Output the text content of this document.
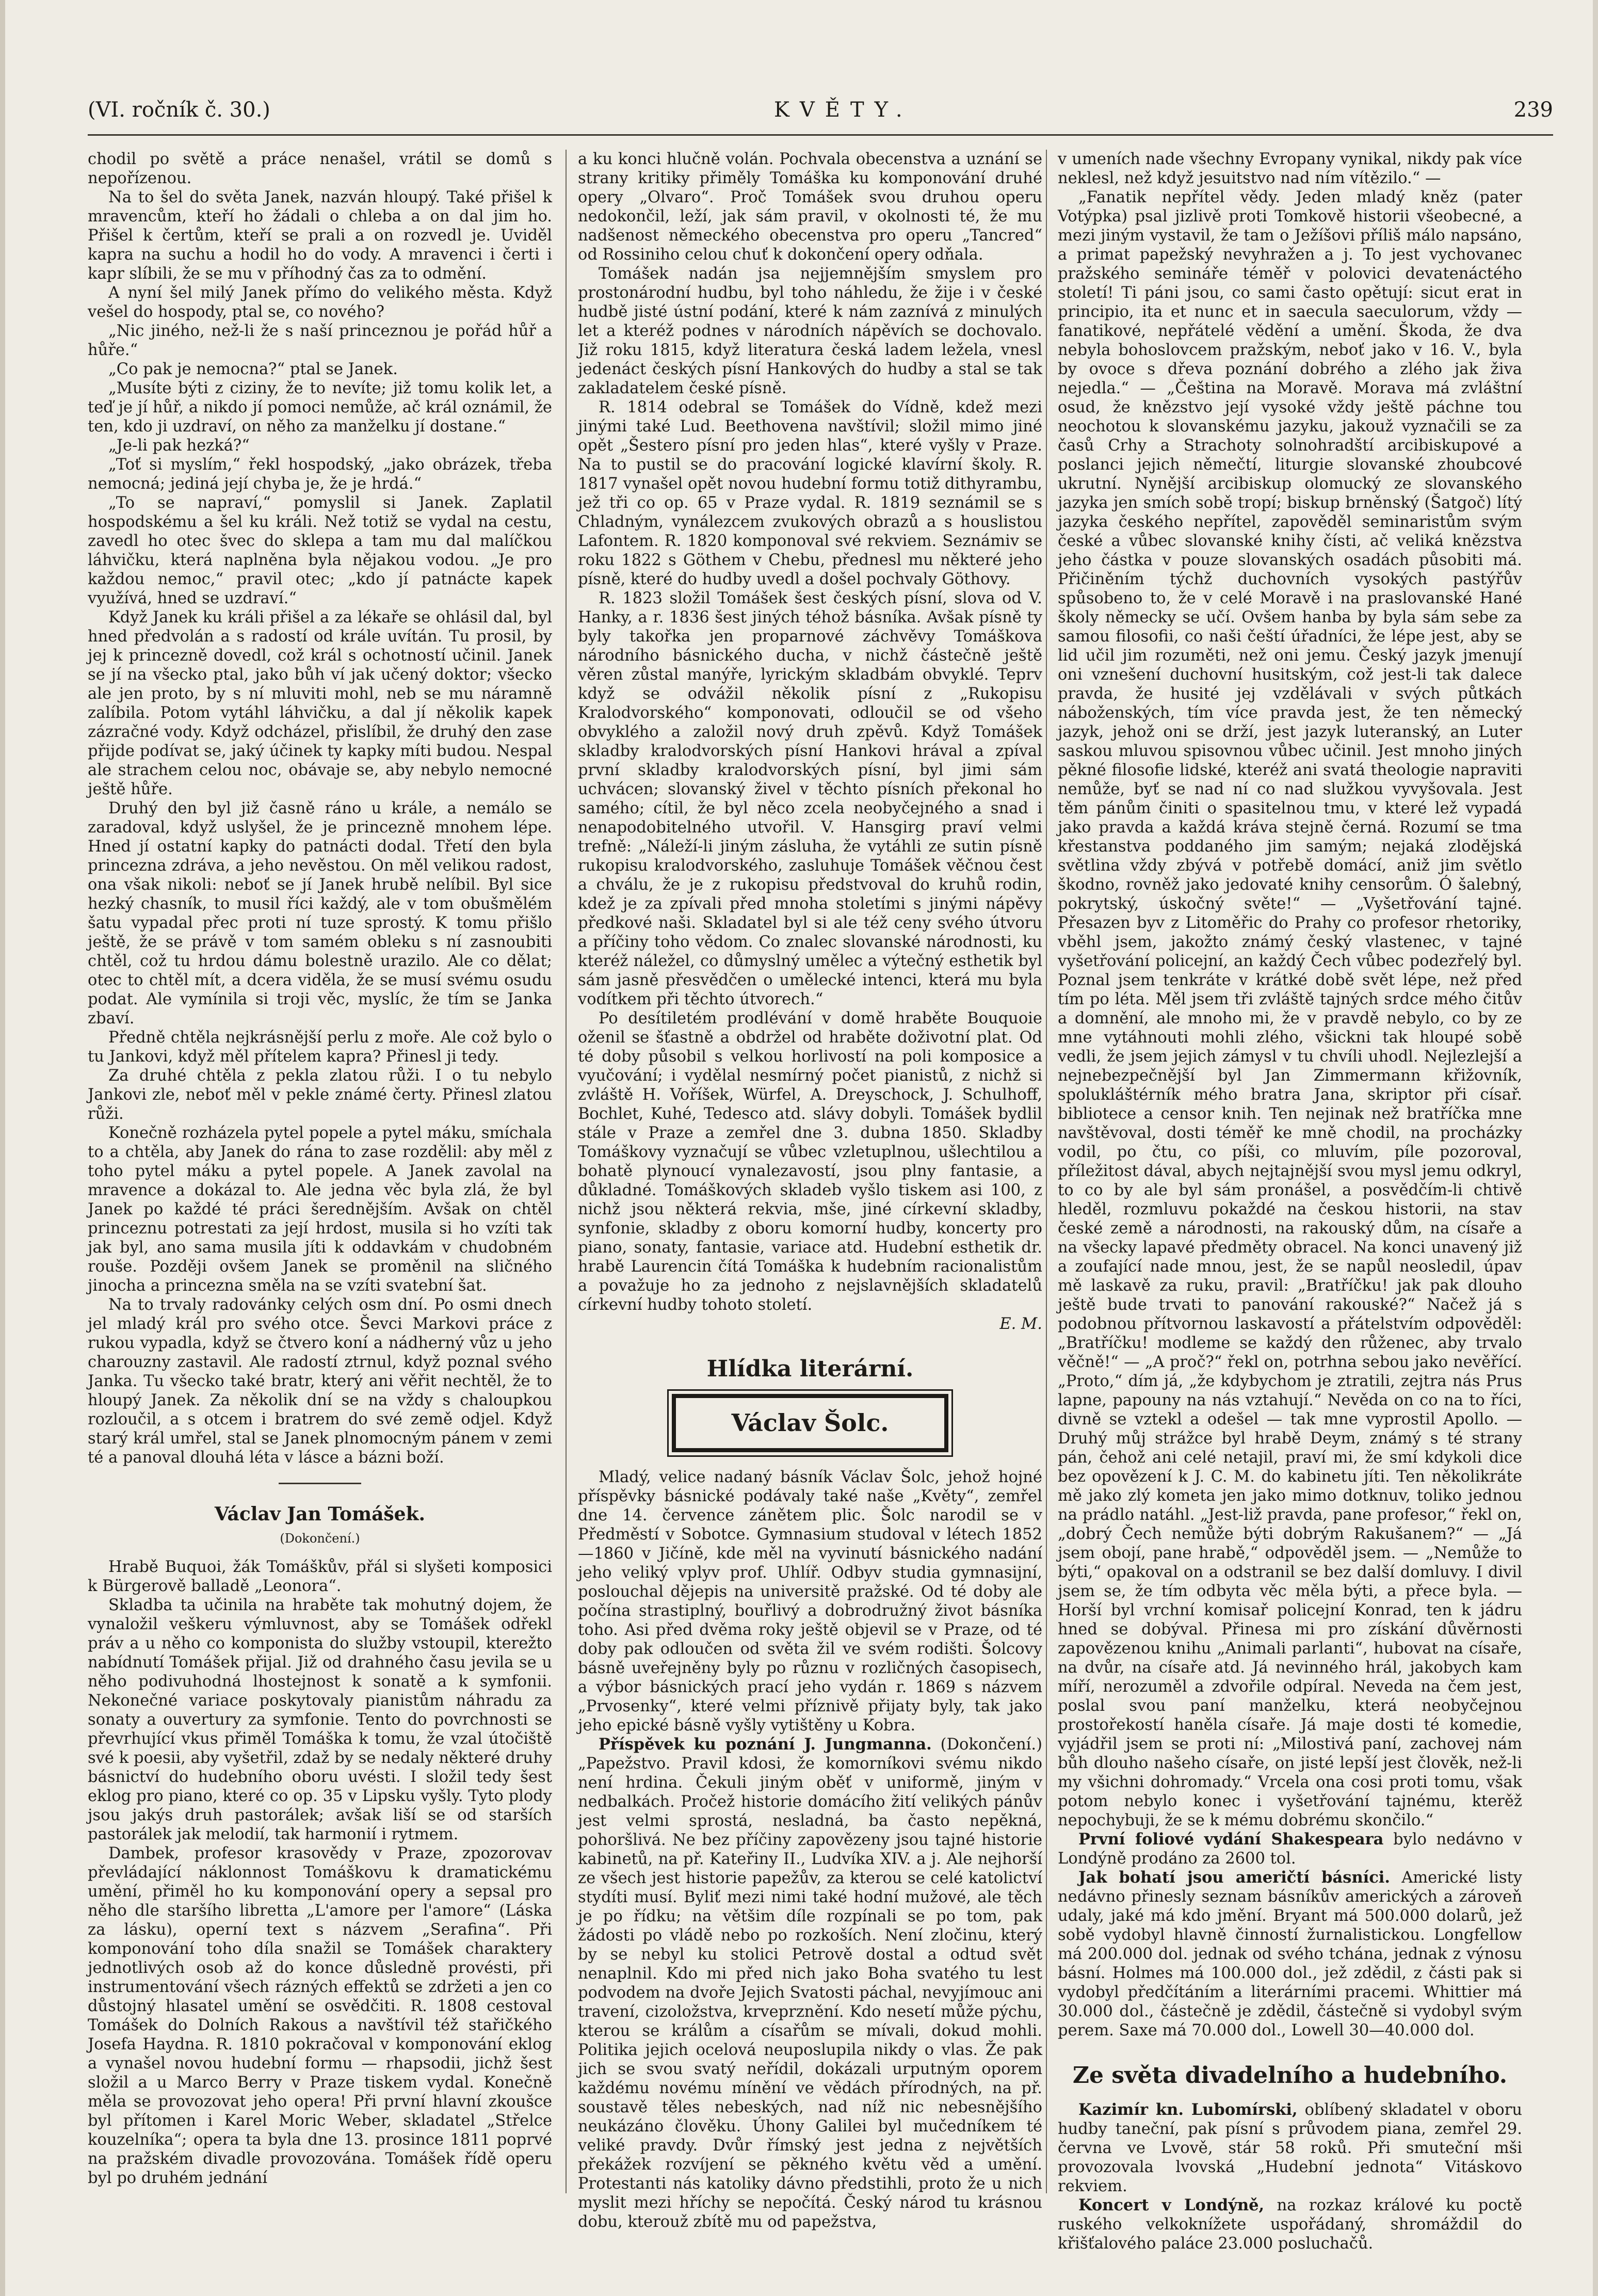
(VI. ročník č. 30.)	KVĚTY.	239

chodil po světě a práce nenašel, vrátil se domů s nepořízenou.

Na to šel do světa Janek, nazván hloupý. Také přišel k mravencům, kteří ho žádali o chleba a on dal jim ho. Přišel k čertům, kteří se prali a on rozvedl je. Uviděl kapra na suchu a hodil ho do vody. A mravenci i čerti i kapr slíbili, že se mu v příhodný čas za to odmění.

A nyní šel milý Janek přímo do velikého města. Když vešel do hospody, ptal se, co nového?

„Nic jiného, než-li že s naší princeznou je pořád hůř a hůře.“

„Co pak je nemocna?“ ptal se Janek.

„Musíte býti z ciziny, že to nevíte; již tomu kolik let, a teď je jí hůř, a nikdo jí pomoci nemůže, ač král oznámil, že ten, kdo ji uzdraví, on něho za manželku jí dostane.“

„Je-li pak hezká?“

„Toť si myslím,“ řekl hospodský, „jako obrázek, třeba nemocná; jediná její chyba je, že je hrdá.“

„To se napraví,“ pomyslil si Janek. Zaplatil hospodskému a šel ku králi. Než totiž se vydal na cestu, zavedl ho otec švec do sklepa a tam mu dal malíčkou láhvičku, která naplněna byla nějakou vodou. „Je pro každou nemoc,“ pravil otec; „kdo jí patnácte kapek využívá, hned se uzdraví.“

Když Janek ku králi přišel a za lékaře se ohlásil dal, byl hned předvolán a s radostí od krále uvítán. Tu prosil, by jej k princezně dovedl, což král s ochotností učinil. Janek se jí na všecko ptal, jako bůh ví jak učený doktor; všecko ale jen proto, by s ní mluviti mohl, neb se mu náramně zalíbila. Potom vytáhl láhvičku, a dal jí několik kapek zázračné vody. Když odcházel, přislíbil, že druhý den zase přijde podívat se, jaký účinek ty kapky míti budou. Nespal ale strachem celou noc, obávaje se, aby nebylo nemocné ještě hůře.

Druhý den byl již časně ráno u krále, a nemálo se zaradoval, když uslyšel, že je princezně mnohem lépe. Hned jí ostatní kapky do patnácti dodal. Třetí den byla princezna zdráva, a jeho nevěstou. On měl velikou radost, ona však nikoli: neboť se jí Janek hrubě nelíbil. Byl sice hezký chasník, to musil říci každý, ale v tom obušmělém šatu vypadal přec proti ní tuze sprostý. K tomu přišlo ještě, že se právě v tom samém obleku s ní zasnoubiti chtěl, což tu hrdou dámu bolestně urazilo. Ale co dělat; otec to chtěl mít, a dcera viděla, že se musí svému osudu podat. Ale vymínila si troji věc, myslíc, že tím se Janka zbaví.

Předně chtěla nejkrásnější perlu z moře. Ale což bylo o tu Jankovi, když měl přítelem kapra? Přinesl ji tedy.

Za druhé chtěla z pekla zlatou růži. I o tu nebylo Jankovi zle, neboť měl v pekle známé čerty. Přinesl zlatou růži.

Konečně rozházela pytel popele a pytel máku, smíchala to a chtěla, aby Janek do rána to zase rozdělil: aby měl z toho pytel máku a pytel popele. A Janek zavolal na mravence a dokázal to. Ale jedna věc byla zlá, že byl Janek po každé té práci šerednějším. Avšak on chtěl princeznu potrestati za její hrdost, musila si ho vzíti tak jak byl, ano sama musila jíti k oddavkám v chudobném rouše. Později ovšem Janek se proměnil na sličného jinocha a princezna směla na se vzíti svatební šat.

Na to trvaly radovánky celých osm dní. Po osmi dnech jel mladý král pro svého otce. Ševci Markovi práce z rukou vypadla, když se čtvero koní a nádherný vůz u jeho charouzny zastavil. Ale radostí ztrnul, když poznal svého Janka. Tu všecko také bratr, který ani věřit nechtěl, že to hloupý Janek. Za několik dní se na vždy s chaloupkou rozloučil, a s otcem i bratrem do své země odjel. Když starý král umřel, stal se Janek plnomocným pánem v zemi té a panoval dlouhá léta v lásce a bázni boží.

Václav Jan Tomášek.
(Dokončení.)

Hrabě Buquoi, žák Tomáškův, přál si slyšeti komposici k Bürgerově balladě „Leonora“.

Skladba ta učinila na hraběte tak mohutný dojem, že vynaložil veškeru výmluvnost, aby se Tomášek odřekl práv a u něho co komponista do služby vstoupil, kterežto nabídnutí Tomášek přijal. Již od drahného času jevila se u něho podivuhodná lhostejnost k sonatě a k symfonii. Nekonečné variace poskytovaly pianistům náhradu za sonaty a ouvertury za symfonie. Tento do povrchnosti se převrhující vkus přiměl Tomáška k tomu, že vzal útočiště své k poesii, aby vyšetřil, zdaž by se nedaly některé druhy básnictví do hudebního oboru uvésti. I složil tedy šest eklog pro piano, které co op. 35 v Lipsku vyšly. Tyto plody jsou jakýs druh pastorálek; avšak liší se od starších pastorálek jak melodií, tak harmonií i rytmem.

Dambek, profesor krasovědy v Praze, zpozorovav převládající náklonnost Tomáškovu k dramatickému umění, přiměl ho ku komponování opery a sepsal pro něho dle staršího libretta „L'amore per l'amore“ (Láska za lásku), operní text s názvem „Serafina“. Při komponování toho díla snažil se Tomášek charaktery jednotlivých osob až do konce důsledně provésti, při instrumentování všech rázných effektů se zdržeti a jen co důstojný hlasatel umění se osvědčiti. R. 1808 cestoval Tomášek do Dolních Rakous a navštívil též stařičkého Josefa Haydna. R. 1810 pokračoval v komponování eklog a vynašel novou hudební formu — rhapsodii, jichž šest složil a u Marco Berry v Praze tiskem vydal. Konečně měla se provozovat jeho opera! Při první hlavní zkoušce byl přítomen i Karel Moric Weber, skladatel „Střelce kouzelníka“; opera ta byla dne 13. prosince 1811 poprvé na pražském divadle provozována. Tomášek řídě operu byl po druhém jednání

a ku konci hlučně volán. Pochvala obecenstva a uznání se strany kritiky přiměly Tomáška ku komponování druhé opery „Olvaro“. Proč Tomášek svou druhou operu nedokončil, leží, jak sám pravil, v okolnosti té, že mu nadšenost německého obecenstva pro operu „Tancred“ od Rossiniho celou chuť k dokončení opery odňala.

Tomášek nadán jsa nejjemnějším smyslem pro prostonárodní hudbu, byl toho náhledu, že žije i v české hudbě jisté ústní podání, které k nám zaznívá z minulých let a kteréž podnes v národních nápěvích se dochovalo. Již roku 1815, když literatura česká ladem ležela, vnesl jedenáct českých písní Hankových do hudby a stal se tak zakladatelem české písně.

R. 1814 odebral se Tomášek do Vídně, kdež mezi jinými také Lud. Beethovena navštívil; složil mimo jiné opět „Šestero písní pro jeden hlas“, které vyšly v Praze. Na to pustil se do pracování logické klavírní školy. R. 1817 vynašel opět novou hudební formu totiž dithyrambu, jež tři co op. 65 v Praze vydal. R. 1819 seznámil se s Chladným, vynálezcem zvukových obrazů a s houslistou Lafontem. R. 1820 komponoval své rekviem. Seznámiv se roku 1822 s Göthem v Chebu, přednesl mu některé jeho písně, které do hudby uvedl a došel pochvaly Göthovy.

R. 1823 složil Tomášek šest českých písní, slova od V. Hanky, a r. 1836 šest jiných téhož básníka. Avšak písně ty byly takořka jen proparnové záchvěvy Tomáškova národního básnického ducha, v nichž částečně ještě věren zůstal manýře, lyrickým skladbám obvyklé. Teprv když se odvážil několik písní z „Rukopisu Kralodvorského“ komponovati, odloučil se od všeho obvyklého a založil nový druh zpěvů. Když Tomášek skladby kralodvorských písní Hankovi hrával a zpíval první skladby kralodvorských písní, byl jimi sám uchvácen; slovanský živel v těchto písních překonal ho samého; cítil, že byl něco zcela neobyčejného a snad i nenapodobitelného utvořil. V. Hansgirg praví velmi trefně: „Náleží-li jiným zásluha, že vytáhli ze sutin písně rukopisu kralodvorského, zasluhuje Tomášek věčnou čest a chválu, že je z rukopisu předstvoval do kruhů rodin, kdež je za zpívali před mnoha stoletími s jinými nápěvy předkové naši. Skladatel byl si ale též ceny svého útvoru a příčiny toho vědom. Co znalec slovanské národnosti, ku kteréž náležel, co důmyslný umělec a výtečný esthetik byl sám jasně přesvědčen o umělecké intenci, která mu byla vodítkem při těchto útvorech.“

Po desítiletém prodlévání v domě hraběte Bouquoie oženil se šťastně a obdržel od hraběte doživotní plat. Od té doby působil s velkou horlivostí na poli komposice a vyučování; i vydělal nesmírný počet pianistů, z nichž si zvláště H. Voříšek, Würfel, A. Dreyschock, J. Schulhoff, Bochlet, Kuhé, Tedesco atd. slávy dobyli. Tomášek bydlil stále v Praze a zemřel dne 3. dubna 1850. Skladby Tomáškovy vyznačují se vůbec vzletuplnou, ušlechtilou a bohatě plynoucí vynalezavostí, jsou plny fantasie, a důkladné. Tomáškových skladeb vyšlo tiskem asi 100, z nichž jsou některá rekvia, mše, jiné církevní skladby, synfonie, skladby z oboru komorní hudby, koncerty pro piano, sonaty, fantasie, variace atd. Hudební esthetik dr. hrabě Laurencin čítá Tomáška k hudebním racionalistům a považuje ho za jednoho z nejslavnějších skladatelů církevní hudby tohoto století.

E. M.
Hlídka literární.
Václav Šolc.

Mladý, velice nadaný básník Václav Šolc, jehož hojné příspěvky básnické podávaly také naše „Květy“, zemřel dne 14. července zánětem plic. Šolc narodil se v Předměstí v Sobotce. Gymnasium studoval v létech 1852—1860 v Jičíně, kde měl na vyvinutí básnického nadání jeho veliký vplyv prof. Uhlíř. Odbyv studia gymnasijní, poslouchal dějepis na universitě pražské. Od té doby ale počína strastiplný, bouřlivý a dobrodružný život básníka toho. Asi před dvěma roky ještě objevil se v Praze, od té doby pak odloučen od světa žil ve svém rodišti. Šolcovy básně uveřejněny byly po různu v rozličných časopisech, a výbor básnických prací jeho vydán r. 1869 s názvem „Prvosenky“, které velmi příznivě přijaty byly, tak jako jeho epické básně vyšly vytištěny u Kobra.

Příspěvek ku poznání J. Jungmanna. (Dokončení.) „Papežstvo. Pravil kdosi, že komorníkovi svému nikdo není hrdina. Čekuli jiným oběť v uniformě, jiným v nedbalkách. Pročež historie domácího žití velikých pánův jest velmi sprostá, nesladná, ba často nepěkná, pohoršlivá. Ne bez příčiny zapovězeny jsou tajné historie kabinetů, na př. Kateřiny II., Ludvíka XIV. a j. Ale nejhorší ze všech jest historie papežův, za kterou se celé katolictví stydíti musí. Byliť mezi nimi také hodní mužové, ale těch je po řídku; na většim díle rozpínali se po tom, pak žádosti po vládě nebo po rozkoších. Není zločinu, který by se nebyl ku stolici Petrově dostal a odtud svět nenaplnil. Kdo mi před nich jako Boha svatého tu lest podvodem na dvoře Jejich Svatosti páchal, nevyjímouc ani travení, cizoložstva, krveprznění. Kdo nesetí může pýchu, kterou se králům a císařům se mívali, dokud mohli. Politika jejich ocelová neuposlupila nikdy o vlas. Že pak jich se svou svatý neřídil, dokázali urputným oporem každému novému mínění ve vědách přírodných, na př. soustavě těles nebeských, nad níž nic nebesnějšího neukázáno člověku. Úhony Galilei byl mučedníkem té veliké pravdy. Dvůr římský jest jedna z největších překážek rozvíjení se pěkného květu věd a umění. Protestanti nás katoliky dávno předstihli, proto že u nich myslit mezi hříchy se nepočítá. Český národ tu krásnou dobu, kterouž zbítě mu od papežstva,

v umeních nade všechny Evropany vynikal, nikdy pak více neklesl, než když jesuitstvo nad ním vítězilo.“ —

„Fanatik nepřítel vědy. Jeden mladý kněz (pater Votýpka) psal jizlivě proti Tomkově historii všeobecné, a mezi jiným vystavil, že tam o Ježíšovi příliš málo napsáno, a primat papežský nevyhražen a j. To jest vychovanec pražského semináře téměř v polovici devatenáctého století! Ti páni jsou, co sami často opětují: sicut erat in principio, ita et nunc et in saecula saeculorum, vždy — fanatikové, nepřátelé vědění a umění. Škoda, že dva nebyla bohoslovcem pražským, neboť jako v 16. V., byla by ovoce s dřeva poznání dobrého a zlého jak živa nejedla.“ — „Čeština na Moravě. Morava má zvláštní osud, že knězstvo její vysoké vždy ještě páchne tou neochotou k slovanskému jazyku, jakouž vyznačili se za časů Crhy a Strachoty solnohradští arcibiskupové a poslanci jejich němečtí, liturgie slovanské zhoubcové ukrutní. Nynější arcibiskup olomucký ze slovanského jazyka jen smích sobě tropí; biskup brněnský (Šatgoč) lítý jazyka českého nepřítel, zapověděl seminaristům svým české a vůbec slovanské knihy čísti, ač veliká knězstva jeho částka v pouze slovanských osadách působiti má. Přičiněním týchž duchovních vysokých pastýřův spůsobeno to, že v celé Moravě i na praslovanské Hané školy německy se učí. Ovšem hanba by byla sám sebe za samou filosofii, co naši čeští úřadníci, že lépe jest, aby se lid učil jim rozuměti, než oni jemu. Český jazyk jmenují oni vznešení duchovní husitským, což jest-li tak dalece pravda, že husité jej vzdělávali v svých půtkách náboženských, tím více pravda jest, že ten německý jazyk, jehož oni se drží, jest jazyk luteranský, an Luter saskou mluvou spisovnou vůbec učinil. Jest mnoho jiných pěkné filosofie lidské, kteréž ani svatá theologie napraviti nemůže, byť se nad ní co nad služkou vyvyšovala. Jest těm pánům činiti o spasitelnou tmu, v které lež vypadá jako pravda a každá kráva stejně černá. Rozumí se tma křestanstva poddaného jim samým; nejaká zlodějská světlina vždy zbývá v potřebě domácí, aniž jim světlo škodno, rovněž jako jedovaté knihy censorům. Ó šalebný, pokrytský, úskočný světe!“ — „Vyšetřování tajné. Přesazen byv z Litoměřic do Prahy co profesor rhetoriky, vběhl jsem, jakožto známý český vlastenec, v tajné vyšetřování policejní, an každý Čech vůbec podezřelý byl. Poznal jsem tenkráte v krátké době svět lépe, než před tím po léta. Měl jsem tři zvláště tajných srdce mého čitův a domnění, ale mnoho mi, že v pravdě nebylo, co by ze mne vytáhnouti mohli zlého, všickni tak hloupé sobě vedli, že jsem jejich zámysl v tu chvíli uhodl. Nejlezlejší a nejnebezpečnější byl Jan Zimmermann křižovník, spolukláštérník mého bratra Jana, skriptor při císař. bibliotece a censor knih. Ten nejinak než bratříčka mne navštěvoval, dosti téměř ke mně chodil, na procházky vodil, po čtu, co píši, co mluvím, píle pozoroval, příležitost dával, abych nejtajnější svou mysl jemu odkryl, to co by ale byl sám pronášel, a posvědčím-li chtivě hleděl, rozmluvu pokaždé na českou historii, na stav české země a národnosti, na rakouský dům, na císaře a na všecky lapavé předměty obracel. Na konci unavený již a zoufající nade mnou, jest, že se napůl neosledil, úpav mě laskavě za ruku, pravil: „Bratříčku! jak pak dlouho ještě bude trvati to panování rakouské?“ Načež já s podobnou přítvornou laskavostí a přátelstvím odpověděl: „Bratříčku! modleme se každý den růženec, aby trvalo věčně!“ — „A proč?“ řekl on, potrhna sebou jako nevěřící. „Proto,“ dím já, „že kdybychom je ztratili, zejtra nás Prus lapne, papouny na nás vztahují.“ Nevěda on co na to říci, divně se vztekl a odešel — tak mne vyprostil Apollo. — Druhý můj strážce byl hrabě Deym, známý s té strany pán, čehož ani celé netajil, praví mi, že smí kdykoli dice bez opovězení k J. C. M. do kabinetu jíti. Ten několikráte mě jako zlý kometa jen jako mimo dotknuv, toliko jednou na prádlo natáhl. „Jest-liž pravda, pane profesor,“ řekl on, „dobrý Čech nemůže býti dobrým Rakušanem?“ — „Já jsem obojí, pane hrabě,“ odpověděl jsem. — „Nemůže to býti,“ opakoval on a odstranil se bez další domluvy. I divil jsem se, že tím odbyta věc měla býti, a přece byla. — Horší byl vrchní komisař policejní Konrad, ten k jádru hned se dobýval. Přinesa mi pro získání důvěrnosti zapovězenou knihu „Animali parlanti“, hubovat na císaře, na dvůr, na císaře atd. Já nevinného hrál, jakobych kam míří, nerozuměl a zdvořile odpíral. Neveda na čem jest, poslal svou paní manželku, která neobyčejnou prostořekostí haněla císaře. Já maje dosti té komedie, vyjádřil jsem se proti ní: „Milostivá paní, zachovej nám bůh dlouho našeho císaře, on jisté lepší jest člověk, než-li my všichni dohromady.“ Vrcela ona cosi proti tomu, však potom nebylo konec i vyšetřování tajnému, kterěž nepochybuji, že se k mému dobrému skončilo.“

První foliové vydání Shakespeara bylo nedávno v Londýně prodáno za 2600 tol.

Jak bohatí jsou američtí básníci. Americké listy nedávno přinesly seznam básníkův amerických a zároveň udaly, jaké má kdo jmění. Bryant má 500.000 dolarů, jež sobě vydobyl hlavně činností žurnalistickou. Longfellow má 200.000 dol. jednak od svého tchána, jednak z výnosu básní. Holmes má 100.000 dol., jež zdědil, z části pak si vydobyl předčítáním a literárními pracemi. Whittier má 30.000 dol., částečně je zdědil, částečně si vydobyl svým perem. Saxe má 70.000 dol., Lowell 30—40.000 dol.

Ze světa divadelního a hudebního.

Kazimír kn. Lubomírski, oblíbený skladatel v oboru hudby taneční, pak písní s průvodem piana, zemřel 29. června ve Lvově, stár 58 roků. Při smuteční mši provozovala lvovská „Hudební jednota“ Vitáskovo rekviem.

Koncert v Londýně, na rozkaz králové ku poctě ruského velkoknížete uspořádaný, shromáždil do křišťalového paláce 23.000 posluchačů.
